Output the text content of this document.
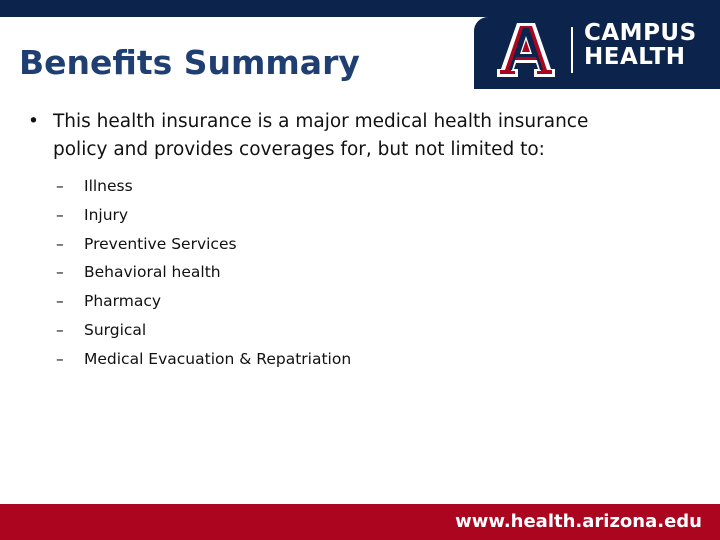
CAMPUS
HEALTH
Benefits Summary
• This health insurance is a major medical health insurance policy and provides coverages for, but not limited to:
– Illness
– Injury
– Preventive Services
– Behavioral health
– Pharmacy
– Surgical
– Medical Evacuation & Repatriation
www.health.arizona.edu
